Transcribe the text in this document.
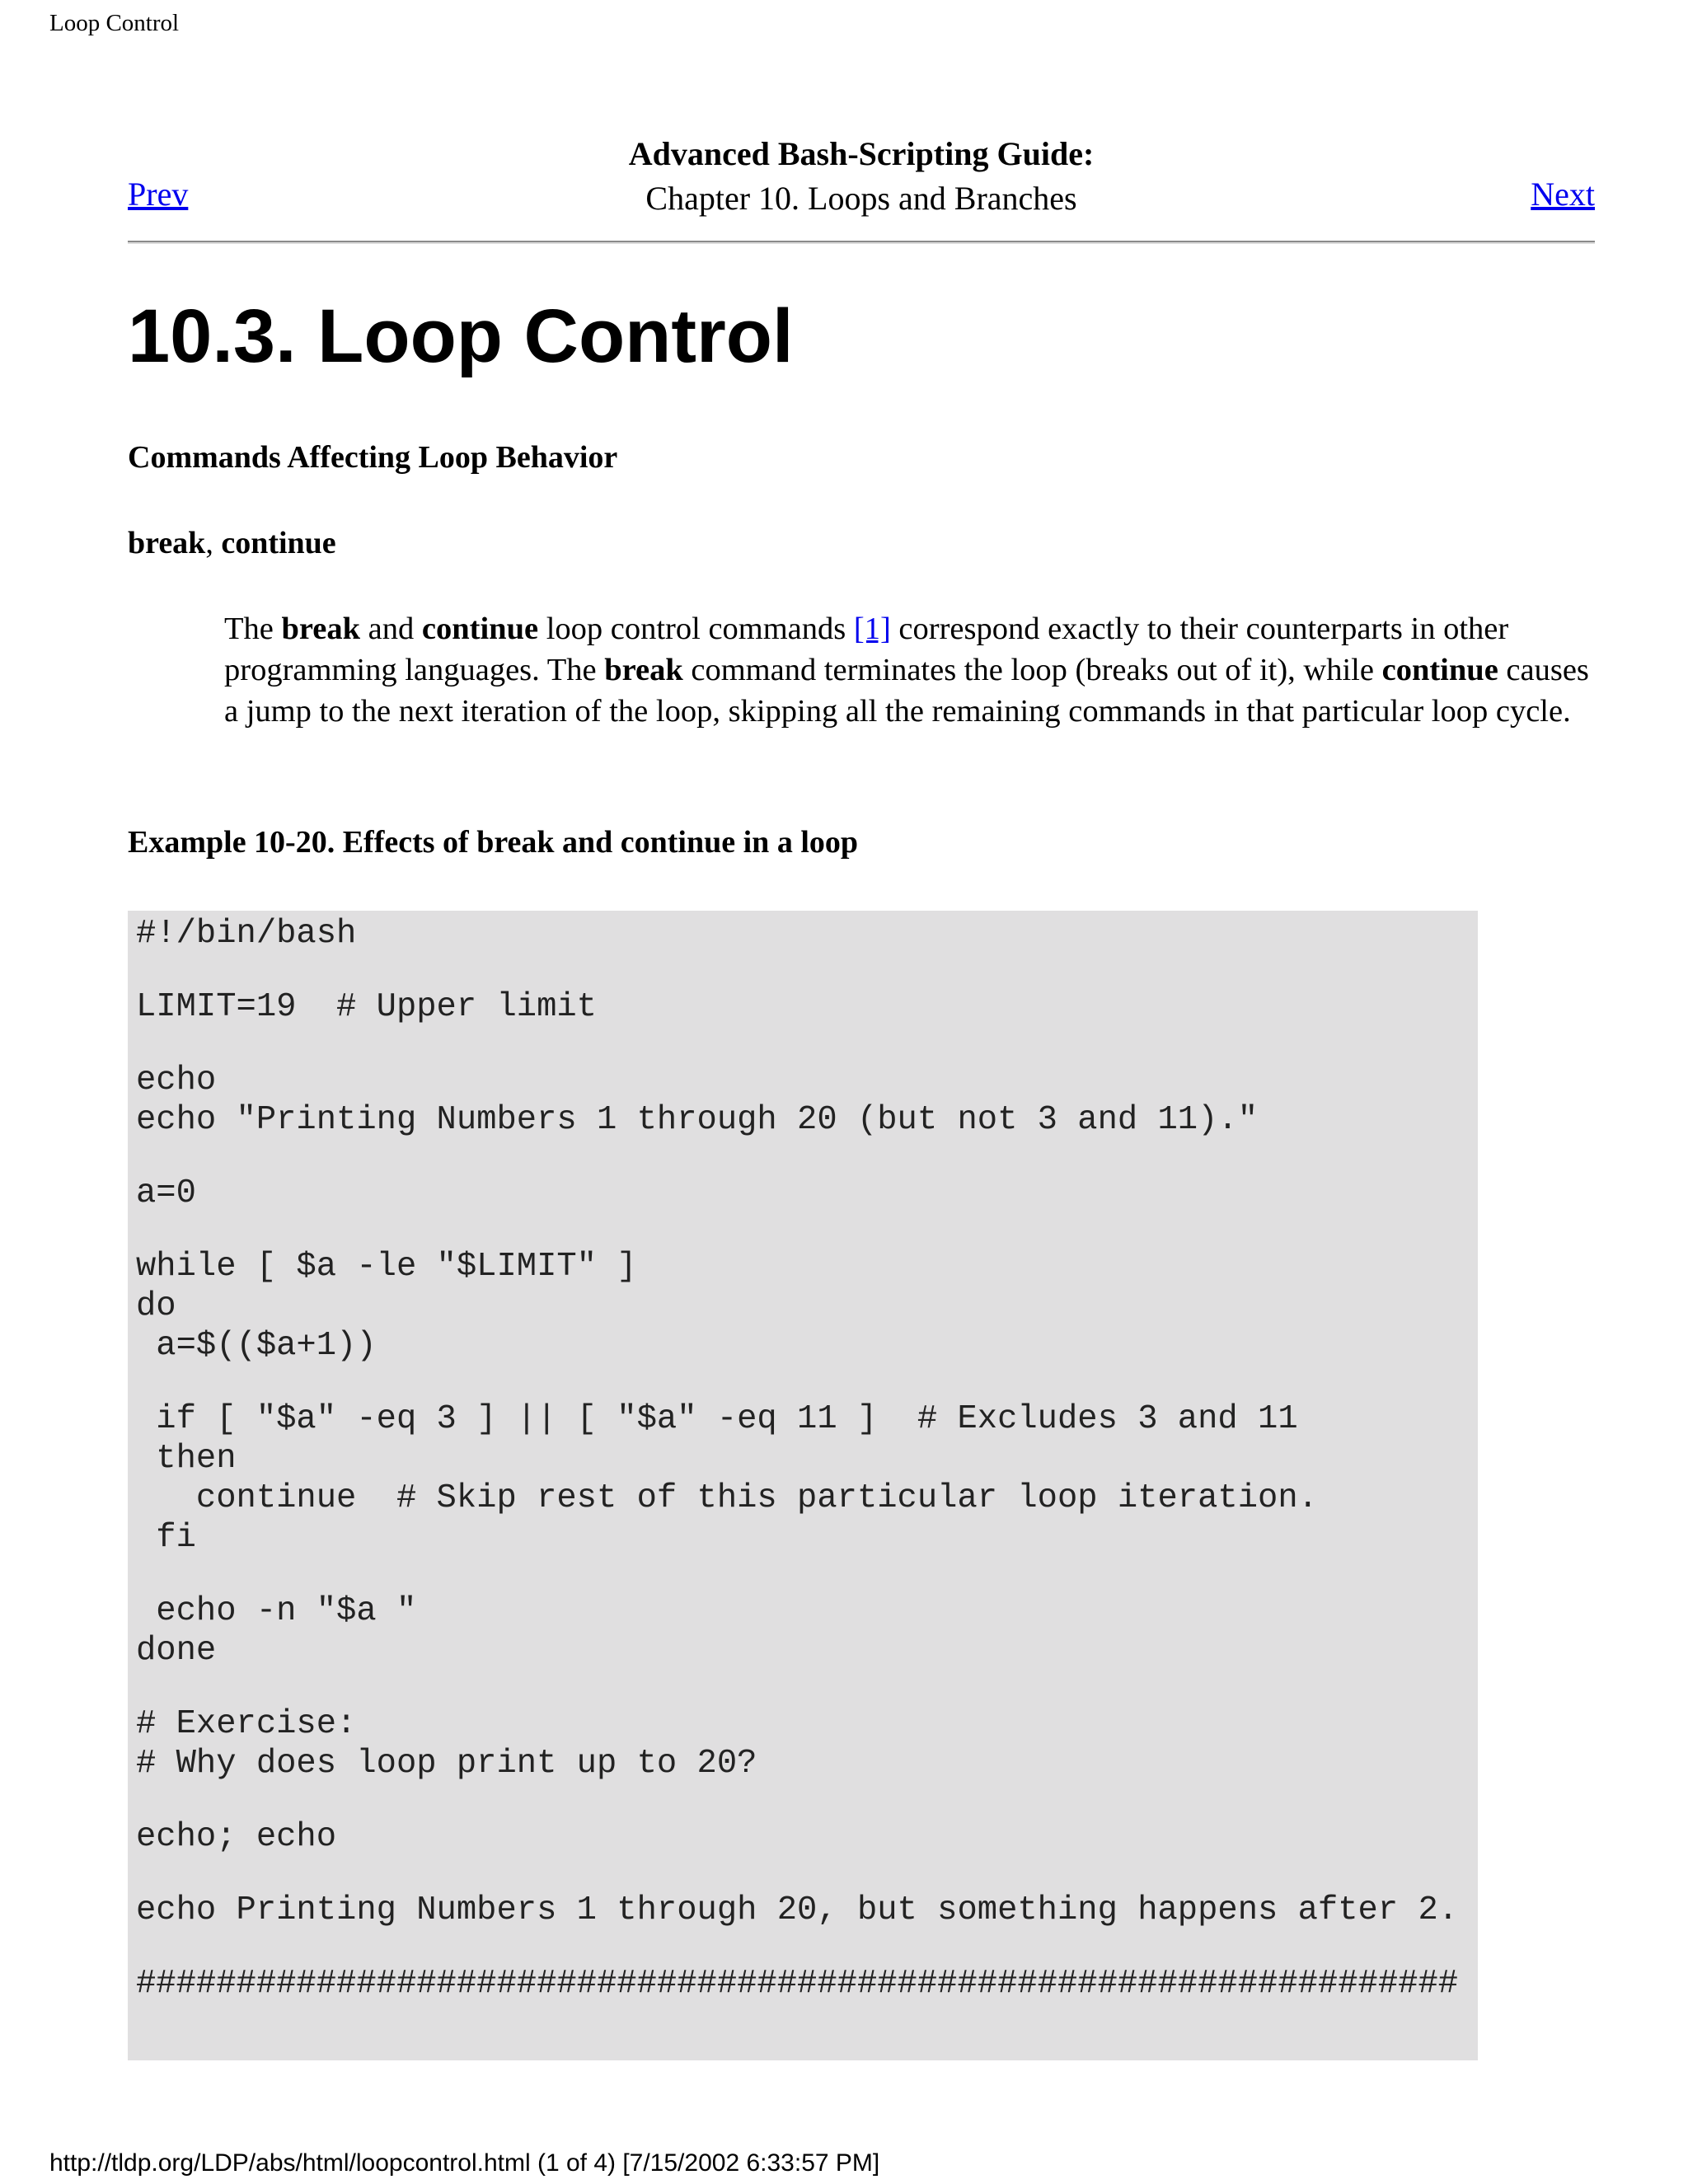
Loop Control
Advanced Bash-Scripting Guide:
Chapter 10. Loops and Branches
Prev	Next
10.3. Loop Control
Commands Affecting Loop Behavior
break, continue
The break and continue loop control commands [1] correspond exactly to their counterparts in other programming languages. The break command terminates the loop (breaks out of it), while continue causes a jump to the next iteration of the loop, skipping all the remaining commands in that particular loop cycle.
Example 10-20. Effects of break and continue in a loop
#!/bin/bash
LIMIT=19  # Upper limit
echo
echo "Printing Numbers 1 through 20 (but not 3 and 11)."
a=0
while [ $a -le "$LIMIT" ]
do
a=$(($a+1))
if [ "$a" -eq 3 ] || [ "$a" -eq 11 ]  # Excludes 3 and 11
then
continue  # Skip rest of this particular loop iteration.
fi
echo -n "$a "
done
# Exercise:
# Why does loop print up to 20?
echo; echo
echo Printing Numbers 1 through 20, but something happens after 2.
##################################################################
http://tldp.org/LDP/abs/html/loopcontrol.html (1 of 4) [7/15/2002 6:33:57 PM]
